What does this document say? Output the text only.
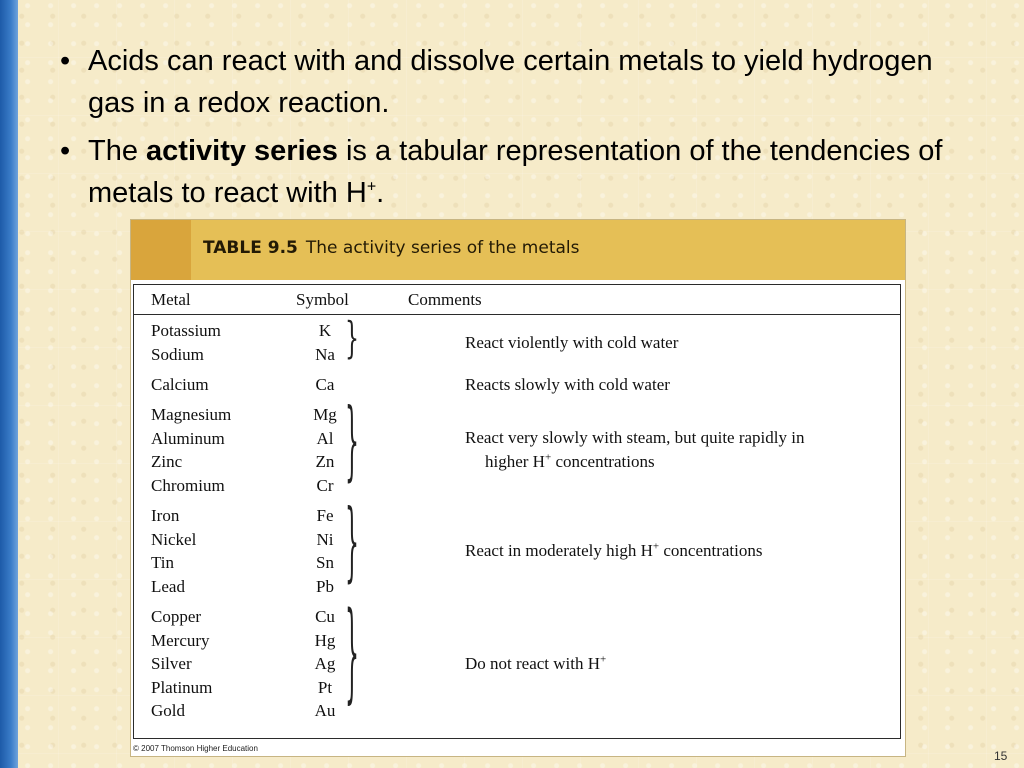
• Acids can react with and dissolve certain metals to yield hydrogen gas in a redox reaction.
• The activity series is a tabular representation of the tendencies of metals to react with H+.
TABLE 9.5 The activity series of the metals
Metal	Symbol	Comments
Potassium	K
Sodium	Na }	React violently with cold water
Calcium	Ca	Reacts slowly with cold water
Magnesium	Mg
Aluminum	Al
Zinc	Zn
Chromium	Cr }	React very slowly with steam, but quite rapidly in
higher H+ concentrations
Iron	Fe
Nickel	Ni
Tin	Sn
Lead	Pb }	React in moderately high H+ concentrations
Copper	Cu
Mercury	Hg
Silver	Ag
Platinum	Pt
Gold	Au }	Do not react with H+
© 2007 Thomson Higher Education
15
